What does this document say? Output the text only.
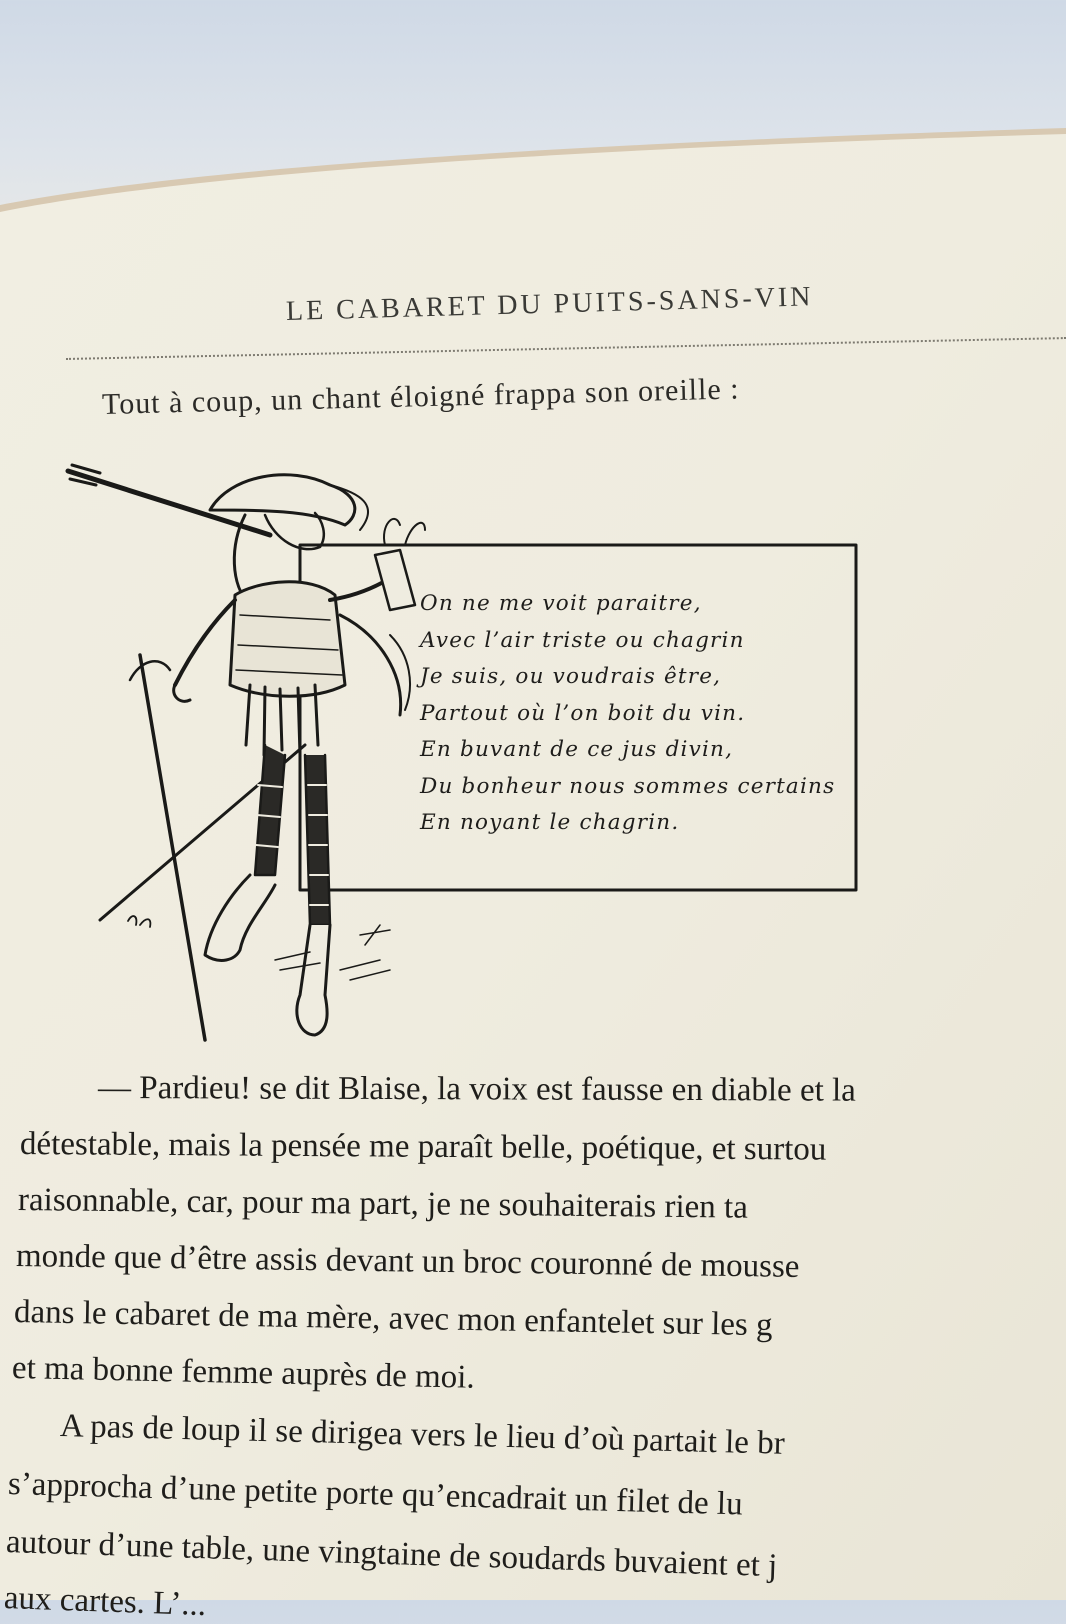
LE CABARET DU PUITS-SANS-VIN
Tout à coup, un chant éloigné frappa son oreille :
On ne me voit paraitre,
Avec l’air triste ou chagrin
Je suis, ou voudrais être,
Partout où l’on boit du vin.
En buvant de ce jus divin,
Du bonheur nous sommes certains
En noyant le chagrin.
— Pardieu! se dit Blaise, la voix est fausse en diable et la
détestable, mais la pensée me paraît belle, poétique, et surtou
raisonnable, car, pour ma part, je ne souhaiterais rien ta
monde que d’être assis devant un broc couronné de mousse
dans le cabaret de ma mère, avec mon enfantelet sur les g
et ma bonne femme auprès de moi.
A pas de loup il se dirigea vers le lieu d’où partait le br
s’approcha d’une petite porte qu’encadrait un filet de lu
autour d’une table, une vingtaine de soudards buvaient et j
aux cartes. L’...
